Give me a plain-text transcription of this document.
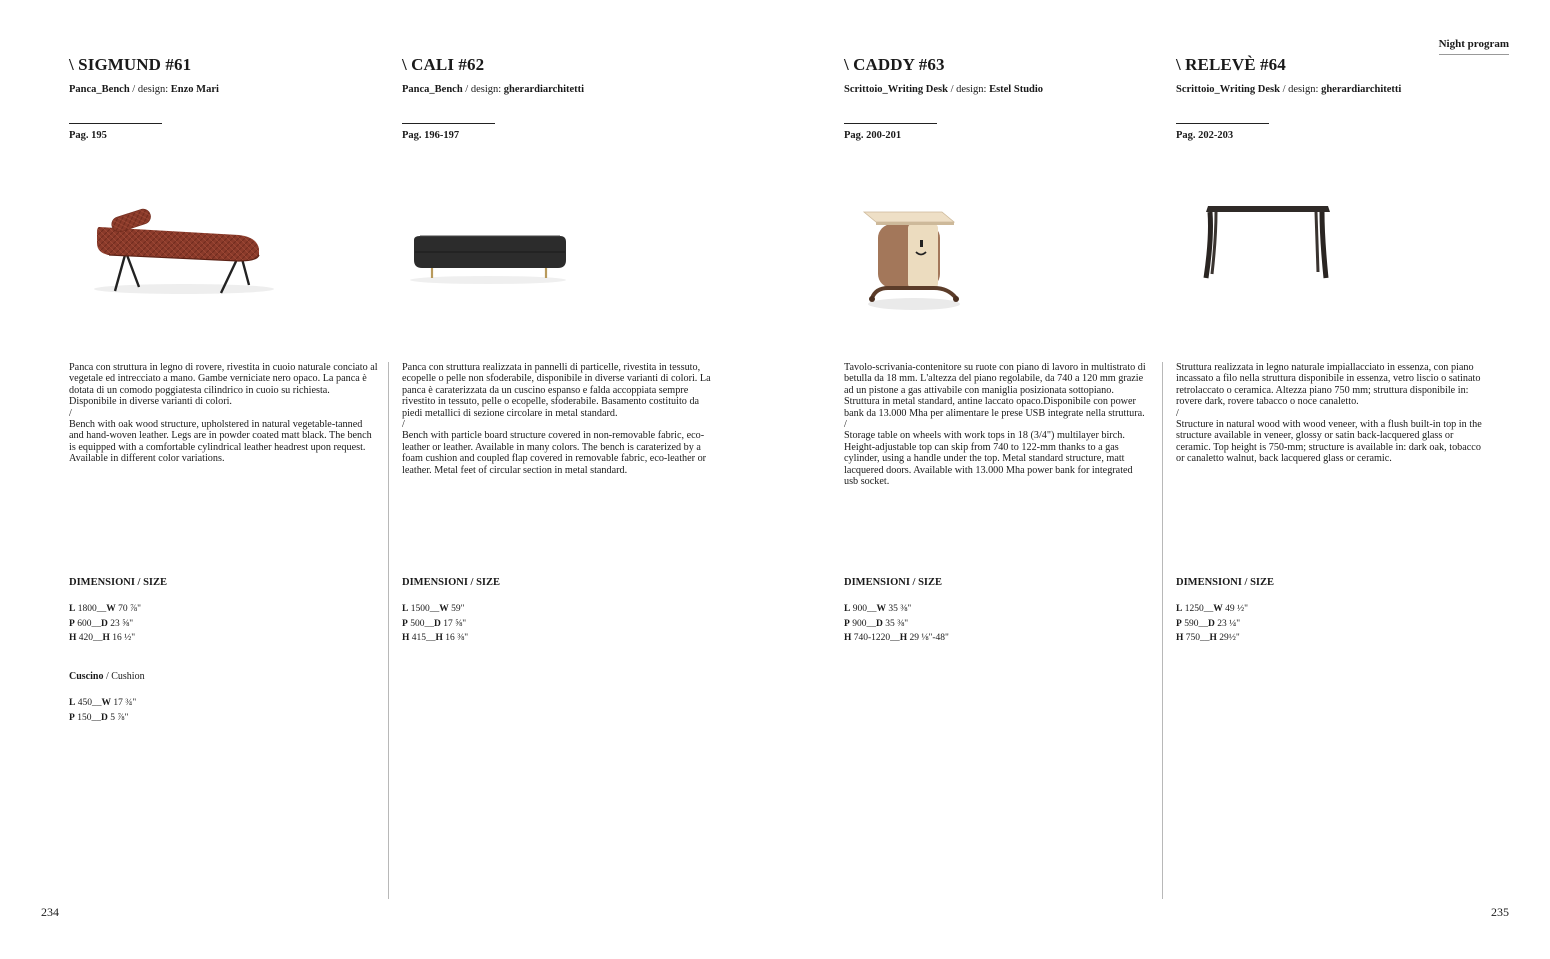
Night program
\ SIGMUND #61
Panca_Bench / design: Enzo Mari
Pag. 195

Panca con struttura in legno di rovere, rivestita in cuoio naturale conciato al vegetale ed intrecciato a mano. Gambe verniciate nero opaco. La panca è dotata di un comodo poggiatesta cilindrico in cuoio su richiesta. Disponibile in diverse varianti di colori.

/

Bench with oak wood structure, upholstered in natural vegetable-tanned and hand-woven leather. Legs are in powder coated matt black. The bench is equipped with a comfortable cylindrical leather headrest upon request. Available in different color variations.

DIMENSIONI / SIZE
L 1800__W 70 ⅞"
P 600__D 23 ⅝"
H 420__H 16 ½"
Cuscino / Cushion
L 450__W 17 ¾"
P 150__D 5 ⅞"
\ CALI #62
Panca_Bench / design: gherardiarchitetti
Pag. 196-197

Panca con struttura realizzata in pannelli di particelle, rivestita in tessuto, ecopelle o pelle non sfoderabile, disponibile in diverse varianti di colori. La panca è caraterizzata da un cuscino espanso e falda accoppiata sempre rivestito in tessuto, pelle o ecopelle, sfoderabile. Basamento costituito da piedi metallici di sezione circolare in metal standard.

/

Bench with particle board structure covered in non-removable fabric, eco-leather or leather. Available in many colors. The bench is caraterized by a foam cushion and coupled flap covered in removable fabric, eco-leather or leather. Metal feet of circular section in metal standard.

DIMENSIONI / SIZE
L 1500__W 59"
P 500__D 17 ⅝"
H 415__H 16 ⅜"
\ CADDY #63
Scrittoio_Writing Desk / design: Estel Studio
Pag. 200-201

Tavolo-scrivania-contenitore su ruote con piano di lavoro in multistrato di betulla da 18 mm. L'altezza del piano regolabile, da 740 a 120 mm grazie ad un pistone a gas attivabile con maniglia posizionata sottopiano. Struttura in metal standard, antine laccato opaco.Disponibile con power bank da 13.000 Mha per alimentare le prese USB integrate nella struttura.

/

Storage table on wheels with work tops in 18 (3/4") multilayer birch. Height-adjustable top can skip from 740 to 122-mm thanks to a gas cylinder, using a handle under the top. Metal standard structure, matt lacquered doors. Available with 13.000 Mha power bank for integrated usb socket.

DIMENSIONI / SIZE
L 900__W 35 ⅜"
P 900__D 35 ⅜"
H 740-1220__H 29 ⅛"-48"
\ RELEVÈ #64
Scrittoio_Writing Desk / design: gherardiarchitetti
Pag. 202-203

Struttura realizzata in legno naturale impiallacciato in essenza, con piano incassato a filo nella struttura disponibile in essenza, vetro liscio o satinato retrolaccato o ceramica. Altezza piano 750 mm; struttura disponibile in: rovere dark, rovere tabacco o noce canaletto.

/

Structure in natural wood with wood veneer, with a flush built-in top in the structure available in veneer, glossy or satin back-lacquered glass or ceramic. Top height is 750-mm; structure is available in: dark oak, tobacco or canaletto walnut, back lacquered glass or ceramic.

DIMENSIONI / SIZE
L 1250__W 49 ½"
P 590__D 23 ¼"
H 750__H 29½"
234	235
